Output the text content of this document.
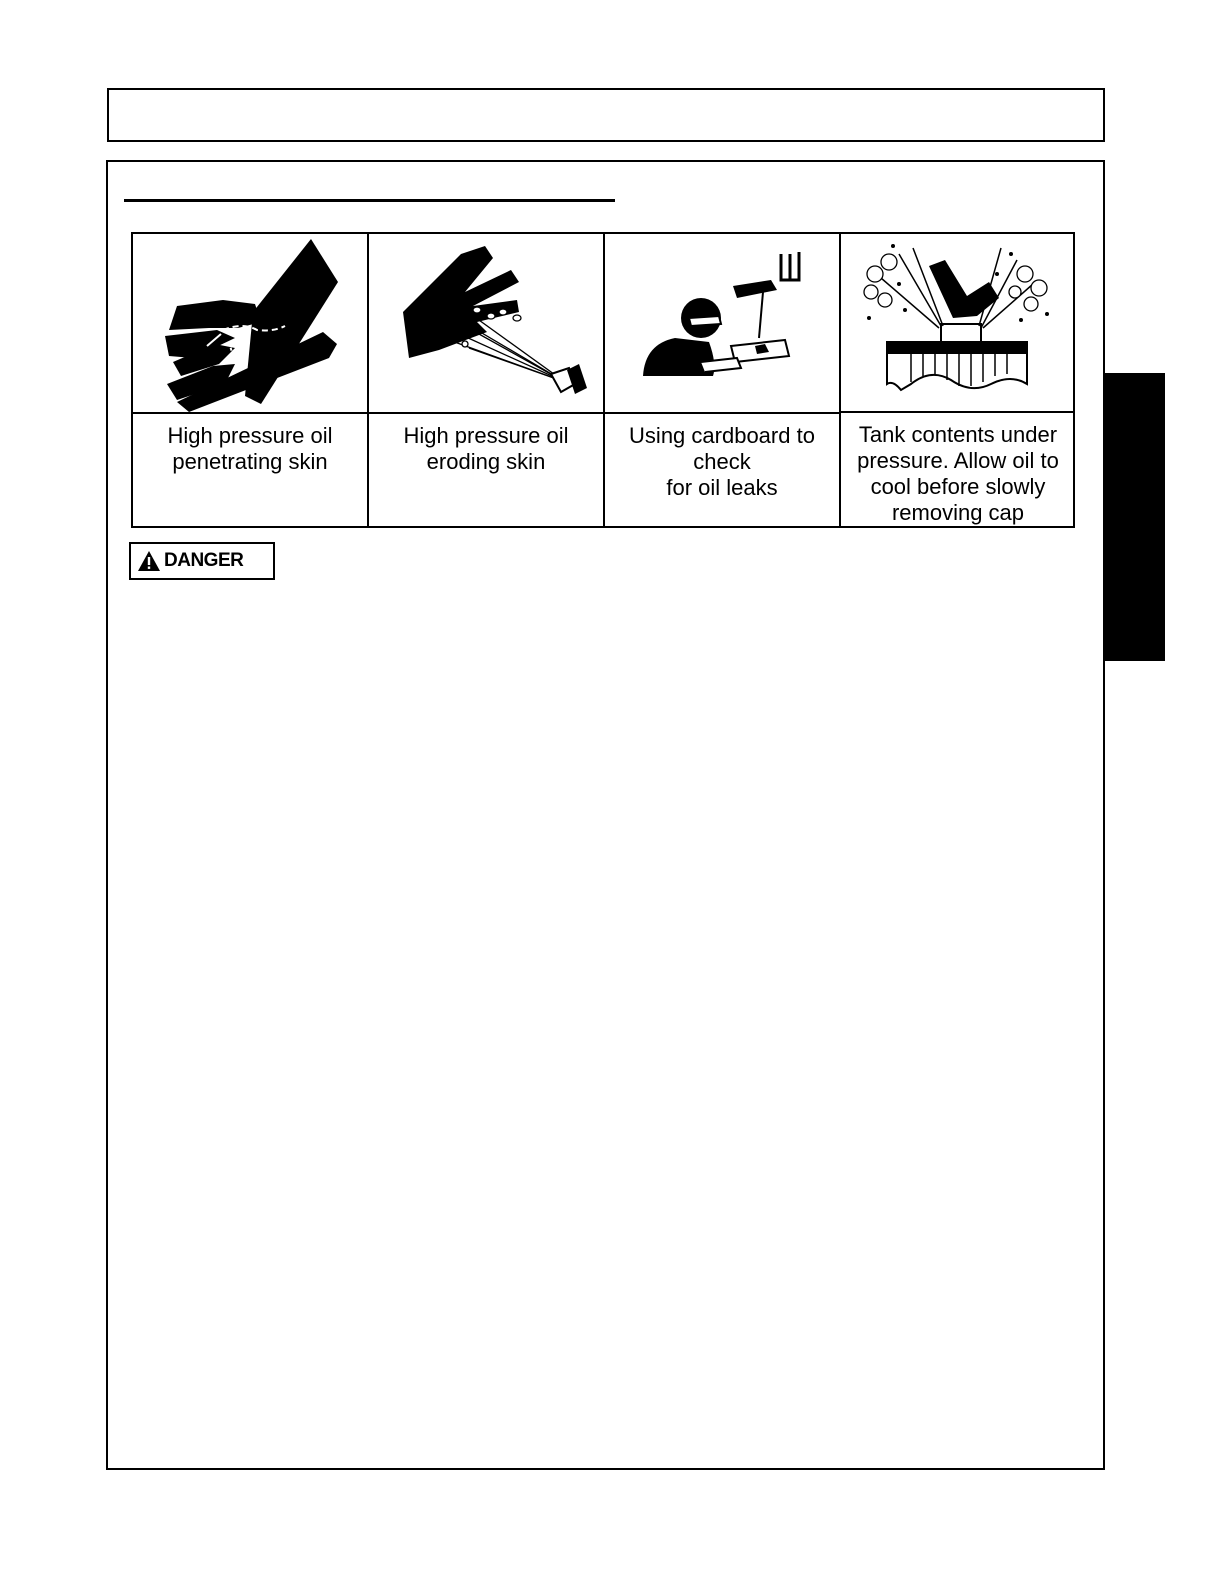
High pressure oil
penetrating skin
High pressure oil
eroding skin
Using cardboard to
check
for oil leaks
Tank contents under
pressure. Allow oil to
cool before slowly
removing cap
DANGER
